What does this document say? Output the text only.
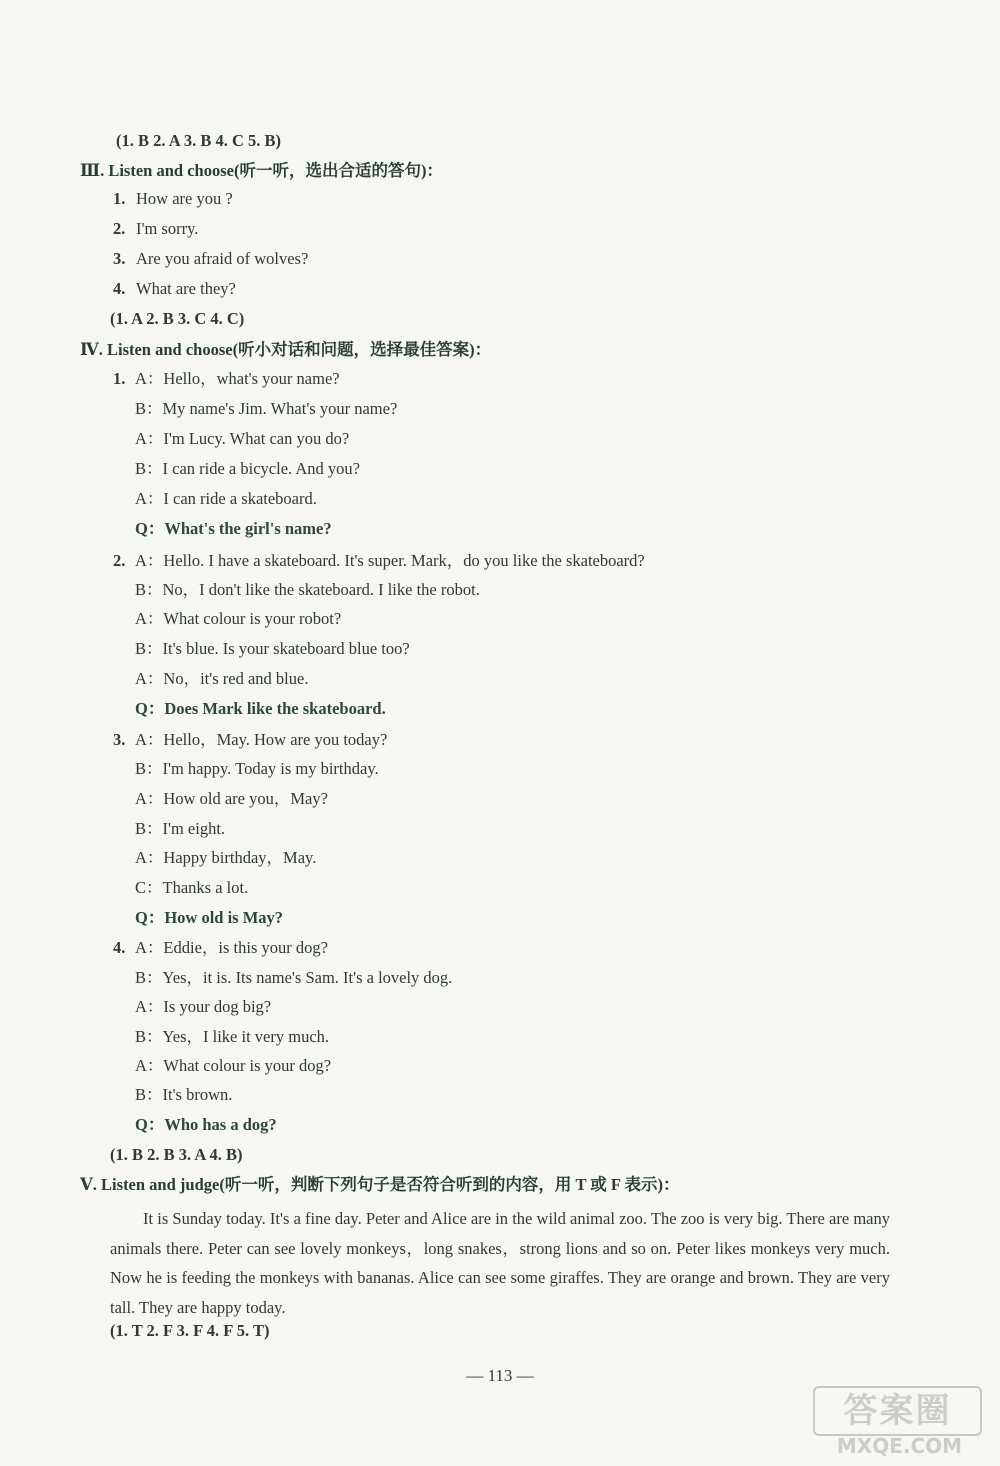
(1. B 2. A 3. B 4. C 5. B)
Ⅲ. Listen and choose(听一听，选出合适的答句)：
1. How are you ?
2. I'm sorry.
3. Are you afraid of wolves?
4. What are they?
(1. A 2. B 3. C 4. C)
Ⅳ. Listen and choose(听小对话和问题，选择最佳答案)：
1. A：Hello，what's your name?
B：My name's Jim. What's your name?
A：I'm Lucy. What can you do?
B：I can ride a bicycle. And you?
A：I can ride a skateboard.
Q：What's the girl's name?
2. A：Hello. I have a skateboard. It's super. Mark，do you like the skateboard?
B：No，I don't like the skateboard. I like the robot.
A：What colour is your robot?
B：It's blue. Is your skateboard blue too?
A：No，it's red and blue.
Q：Does Mark like the skateboard.
3. A：Hello，May. How are you today?
B：I'm happy. Today is my birthday.
A：How old are you，May?
B：I'm eight.
A：Happy birthday，May.
C：Thanks a lot.
Q：How old is May?
4. A：Eddie，is this your dog?
B：Yes，it is. Its name's Sam. It's a lovely dog.
A：Is your dog big?
B：Yes，I like it very much.
A：What colour is your dog?
B：It's brown.
Q：Who has a dog?
(1. B 2. B 3. A 4. B)
Ⅴ. Listen and judge(听一听，判断下列句子是否符合听到的内容，用 T 或 F 表示)：
It is Sunday today. It's a fine day. Peter and Alice are in the wild animal zoo. The zoo is very big. There are many animals there. Peter can see lovely monkeys，long snakes，strong lions and so on. Peter likes monkeys very much. Now he is feeding the monkeys with bananas. Alice can see some giraffes. They are orange and brown. They are very tall. They are happy today.
(1. T 2. F 3. F 4. F 5. T)
— 113 —
答案圈
MXQE.COM
